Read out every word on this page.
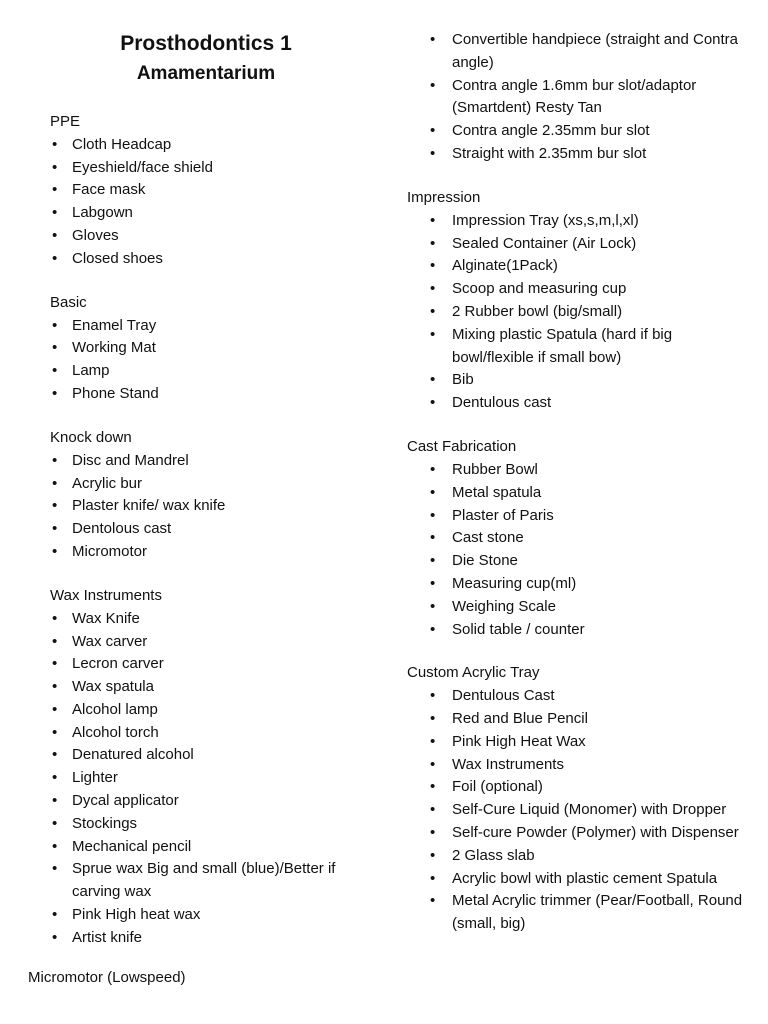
Prosthodontics 1
Amamentarium

PPE

• Cloth Headcap
• Eyeshield/face shield
• Face mask
• Labgown
• Gloves
• Closed shoes

Basic

• Enamel Tray
• Working Mat
• Lamp
• Phone Stand

Knock down

• Disc and Mandrel
• Acrylic bur
• Plaster knife/ wax knife
• Dentolous cast
• Micromotor

Wax Instruments

• Wax Knife
• Wax carver
• Lecron carver
• Wax spatula
• Alcohol lamp
• Alcohol torch
• Denatured alcohol
• Lighter
• Dycal applicator
• Stockings
• Mechanical pencil
• Sprue wax Big and small (blue)/Better if carving wax
• Pink High heat wax
• Artist knife
• Convertible handpiece (straight and Contra angle)
• Contra angle 1.6mm bur slot/adaptor (Smartdent) Resty Tan
• Contra angle 2.35mm bur slot
• Straight with 2.35mm bur slot

Impression

• Impression Tray (xs,s,m,l,xl)
• Sealed Container (Air Lock)
• Alginate(1Pack)
• Scoop and measuring cup
• 2 Rubber bowl (big/small)
• Mixing plastic Spatula (hard if big bowl/flexible if small bow)
• Bib
• Dentulous cast

Cast Fabrication

• Rubber Bowl
• Metal spatula
• Plaster of Paris
• Cast stone
• Die Stone
• Measuring cup(ml)
• Weighing Scale
• Solid table / counter

Custom Acrylic Tray

• Dentulous Cast
• Red and Blue Pencil
• Pink High Heat Wax
• Wax Instruments
• Foil (optional)
• Self-Cure Liquid (Monomer) with Dropper
• Self-cure Powder (Polymer) with Dispenser
• 2 Glass slab
• Acrylic bowl with plastic cement Spatula
• Metal Acrylic trimmer (Pear/Football, Round (small, big)

Micromotor (Lowspeed)
